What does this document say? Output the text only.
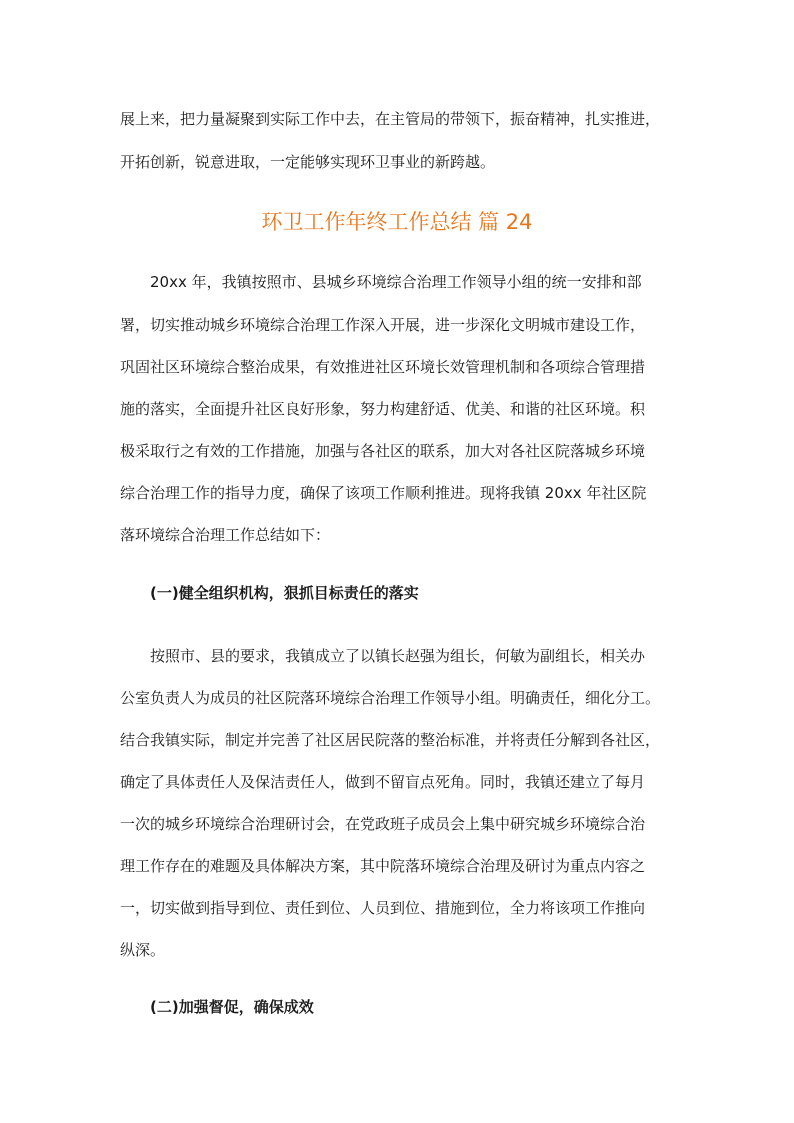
展上来，把力量凝聚到实际工作中去，在主管局的带领下，振奋精神，扎实推进，
开拓创新，锐意进取，一定能够实现环卫事业的新跨越。
环卫工作年终工作总结 篇 24
　　20xx 年，我镇按照市、县城乡环境综合治理工作领导小组的统一安排和部
署，切实推动城乡环境综合治理工作深入开展，进一步深化文明城市建设工作，
巩固社区环境综合整治成果，有效推进社区环境长效管理机制和各项综合管理措
施的落实，全面提升社区良好形象，努力构建舒适、优美、和谐的社区环境。积
极采取行之有效的工作措施，加强与各社区的联系，加大对各社区院落城乡环境
综合治理工作的指导力度，确保了该项工作顺利推进。现将我镇 20xx 年社区院
落环境综合治理工作总结如下：
　　(一)健全组织机构，狠抓目标责任的落实
　　按照市、县的要求，我镇成立了以镇长赵强为组长，何敏为副组长，相关办
公室负责人为成员的社区院落环境综合治理工作领导小组。明确责任，细化分工。
结合我镇实际，制定并完善了社区居民院落的整治标准，并将责任分解到各社区，
确定了具体责任人及保洁责任人，做到不留盲点死角。同时，我镇还建立了每月
一次的城乡环境综合治理研讨会，在党政班子成员会上集中研究城乡环境综合治
理工作存在的难题及具体解决方案，其中院落环境综合治理及研讨为重点内容之
一，切实做到指导到位、责任到位、人员到位、措施到位，全力将该项工作推向
纵深。
　　(二)加强督促，确保成效
